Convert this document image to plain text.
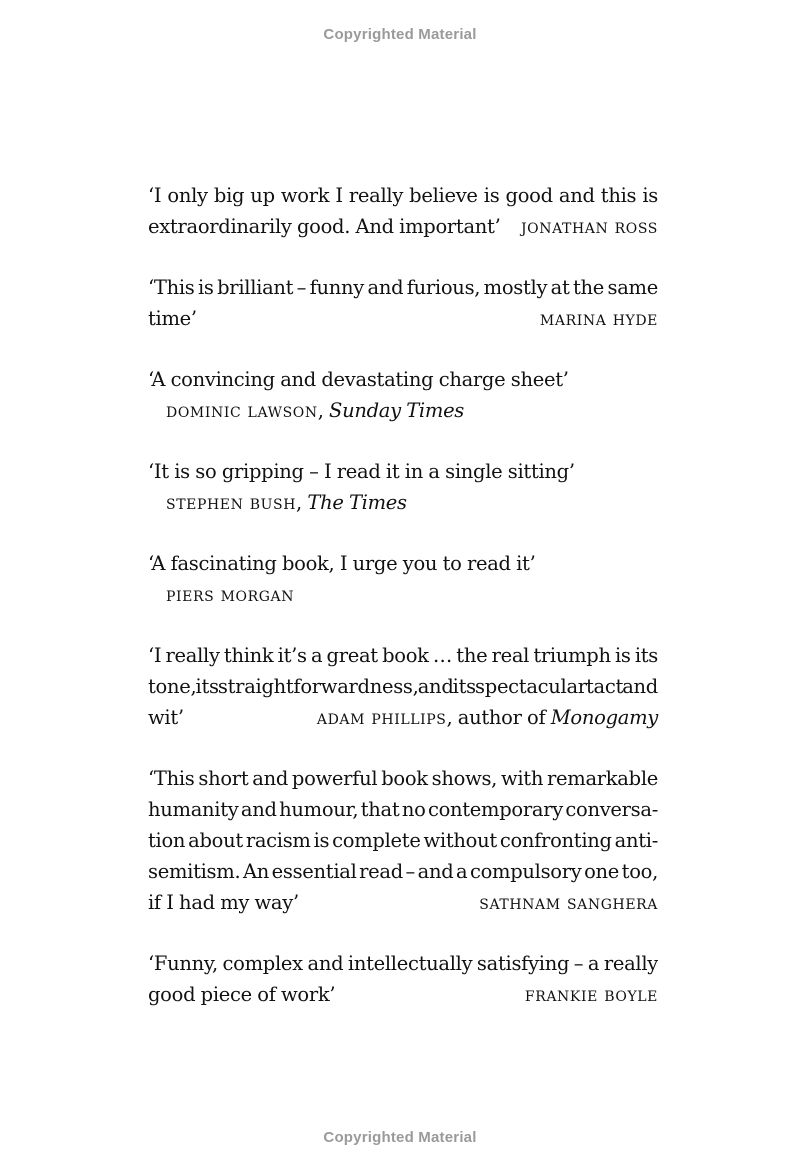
Copyrighted Material
‘I only big up work I really believe is good and this is
extraordinarily good. And important’ jonathan ross
‘This is brilliant – funny and furious, mostly at the same
time’	marina hyde
‘A convincing and devastating charge sheet’
dominic lawson, Sunday Times
‘It is so gripping – I read it in a single sitting’
stephen bush, The Times
‘A fascinating book, I urge you to read it’
piers morgan
‘I really think it’s a great book … the real triumph is its
tone, its straightforwardness, and its spectacular tact and
wit’	adam phillips, author of Monogamy
‘This short and powerful book shows, with remarkable
humanity and humour, that no contemporary conversa-
tion about racism is complete without confronting anti-
semitism. An essential read – and a compulsory one too,
if I had my way’	sathnam sanghera
‘Funny, complex and intellectually satisfying – a really
good piece of work’	frankie boyle
Copyrighted Material
